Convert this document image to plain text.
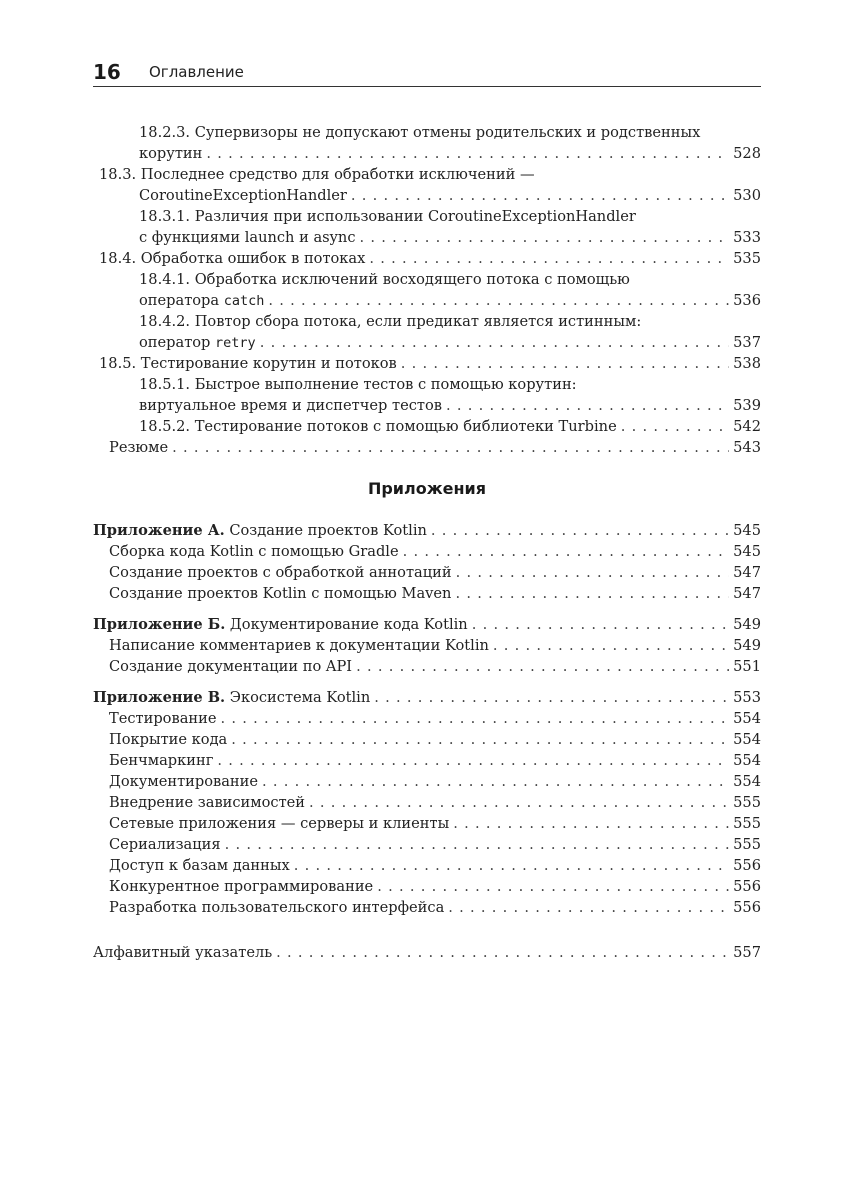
16 Оглавление
18.2.3. Супервизоры не допускают отмены родительских и родственных
корутин . . .	528
18.3. Последнее средство для обработки исключений —
CoroutineExceptionHandler . . .	530
18.3.1. Различия при использовании CoroutineExceptionHandler
с функциями launch и async . . .	533
18.4. Обработка ошибок в потоках . . .	535
18.4.1. Обработка исключений восходящего потока с помощью
оператора catch . . .	536
18.4.2. Повтор сбора потока, если предикат является истинным:
оператор retry . . .	537
18.5. Тестирование корутин и потоков . . .	538
18.5.1. Быстрое выполнение тестов с помощью корутин:
виртуальное время и диспетчер тестов . . .	539
18.5.2. Тестирование потоков с помощью библиотеки Turbine . . .	542
Резюме . . .	543
Приложения
Приложение А. Создание проектов Kotlin . . .	545
Сборка кода Kotlin с помощью Gradle . . .	545
Создание проектов с обработкой аннотаций . . .	547
Создание проектов Kotlin с помощью Maven . . .	547
Приложение Б. Документирование кода Kotlin . . .	549
Написание комментариев к документации Kotlin . . .	549
Создание документации по API . . .	551
Приложение В. Экосистема Kotlin . . .	553
Тестирование . . .	554
Покрытие кода . . .	554
Бенчмаркинг . . .	554
Документирование . . .	554
Внедрение зависимостей . . .	555
Сетевые приложения — серверы и клиенты . . .	555
Сериализация . . .	555
Доступ к базам данных . . .	556
Конкурентное программирование . . .	556
Разработка пользовательского интерфейса . . .	556
Алфавитный указатель . . .	557
